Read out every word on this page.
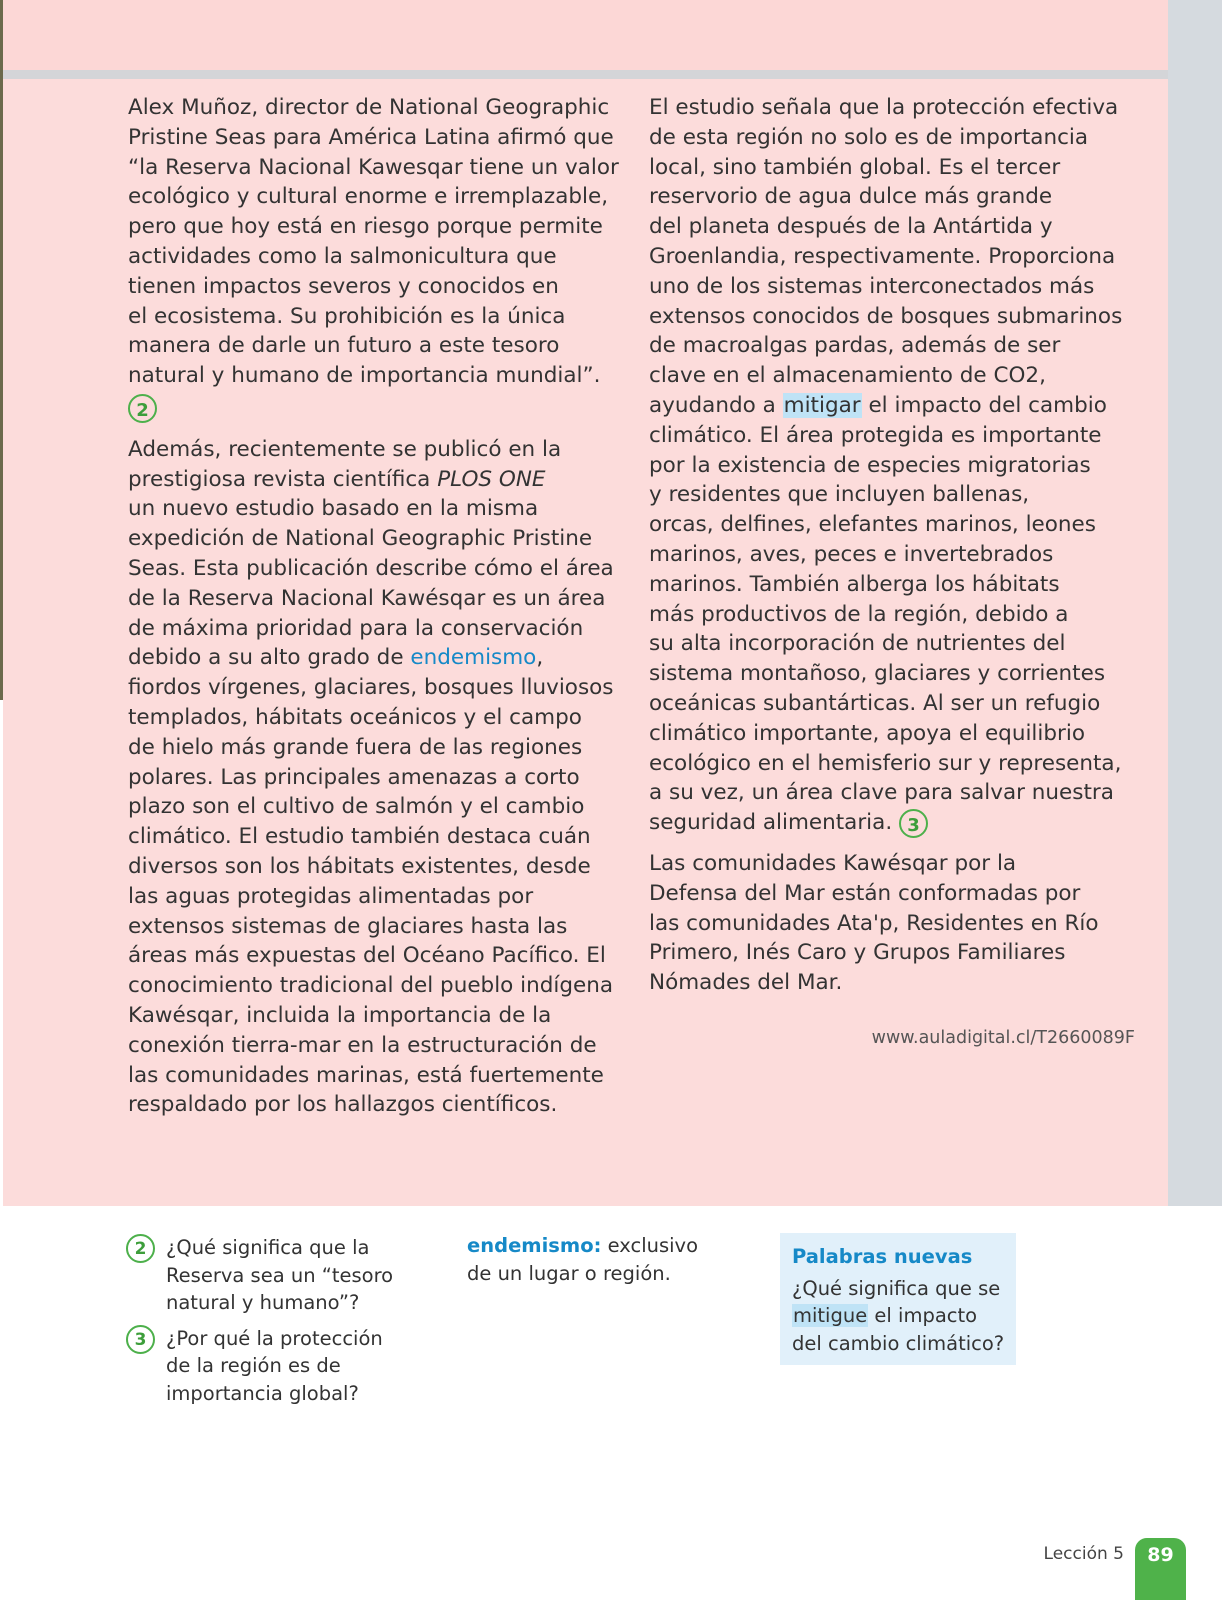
Alex Muñoz, director de National Geographic

Pristine Seas para América Latina afirmó que

“la Reserva Nacional Kawesqar tiene un valor

ecológico y cultural enorme e irremplazable,

pero que hoy está en riesgo porque permite

actividades como la salmonicultura que

tienen impactos severos y conocidos en

el ecosistema. Su prohibición es la única

manera de darle un futuro a este tesoro

natural y humano de importancia mundial”.

2

Además, recientemente se publicó en la

prestigiosa revista científica PLOS ONE

un nuevo estudio basado en la misma

expedición de National Geographic Pristine

Seas. Esta publicación describe cómo el área

de la Reserva Nacional Kawésqar es un área

de máxima prioridad para la conservación

debido a su alto grado de endemismo,

fiordos vírgenes, glaciares, bosques lluviosos

templados, hábitats oceánicos y el campo

de hielo más grande fuera de las regiones

polares. Las principales amenazas a corto

plazo son el cultivo de salmón y el cambio

climático. El estudio también destaca cuán

diversos son los hábitats existentes, desde

las aguas protegidas alimentadas por

extensos sistemas de glaciares hasta las

áreas más expuestas del Océano Pacífico. El

conocimiento tradicional del pueblo indígena

Kawésqar, incluida la importancia de la

conexión tierra-mar en la estructuración de

las comunidades marinas, está fuertemente

respaldado por los hallazgos científicos.

El estudio señala que la protección efectiva

de esta región no solo es de importancia

local, sino también global. Es el tercer

reservorio de agua dulce más grande

del planeta después de la Antártida y

Groenlandia, respectivamente. Proporciona

uno de los sistemas interconectados más

extensos conocidos de bosques submarinos

de macroalgas pardas, además de ser

clave en el almacenamiento de CO2,

ayudando a mitigar el impacto del cambio

climático. El área protegida es importante

por la existencia de especies migratorias

y residentes que incluyen ballenas,

orcas, delfines, elefantes marinos, leones

marinos, aves, peces e invertebrados

marinos. También alberga los hábitats

más productivos de la región, debido a

su alta incorporación de nutrientes del

sistema montañoso, glaciares y corrientes

oceánicas subantárticas. Al ser un refugio

climático importante, apoya el equilibrio

ecológico en el hemisferio sur y representa,

a su vez, un área clave para salvar nuestra

seguridad alimentaria. 3

Las comunidades Kawésqar por la

Defensa del Mar están conformadas por

las comunidades Ata'p, Residentes en Río

Primero, Inés Caro y Grupos Familiares

Nómades del Mar.

www.auladigital.cl/T2660089F
2	¿Qué significa que la
Reserva sea un “tesoro
natural y humano”?
3	¿Por qué la protección
de la región es de
importancia global?
endemismo: exclusivo
de un lugar o región.
Palabras nuevas
¿Qué significa que se
mitigue el impacto
del cambio climático?
Lección 5	89
